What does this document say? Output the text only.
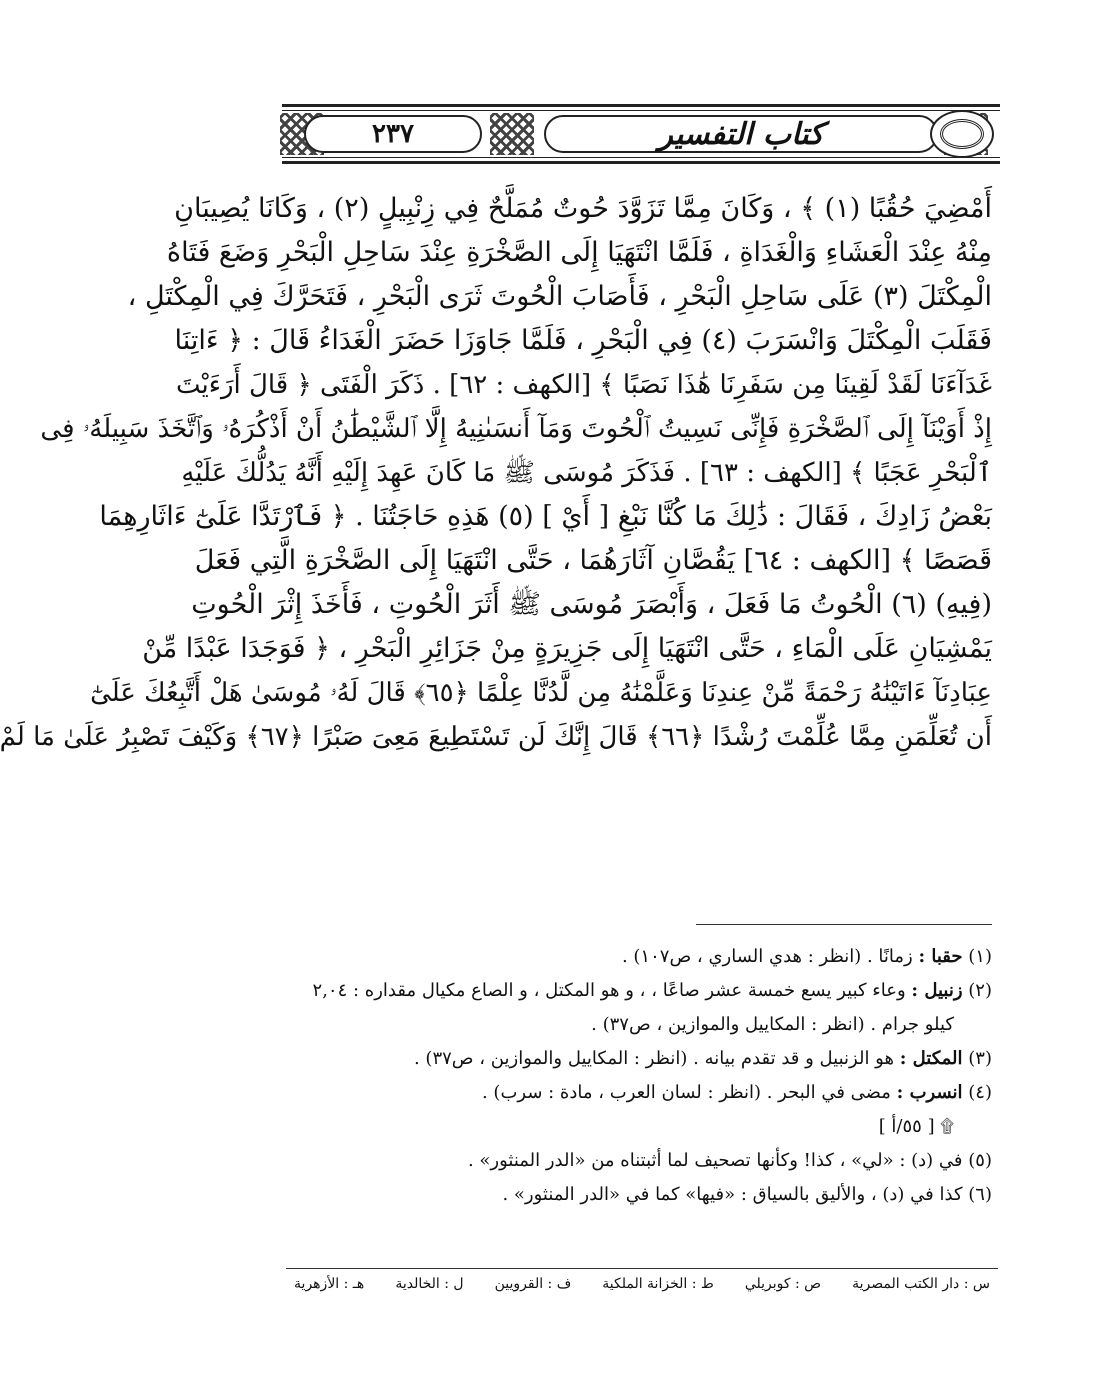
٢٣٧	كتاب التفسير
أَمْضِيَ حُقُبًا (١) ﴾ ، وَكَانَ مِمَّا تَزَوَّدَ حُوتٌ مُمَلَّحٌ فِي زِنْبِيلٍ (٢) ، وَكَانَا يُصِيبَانِ
مِنْهُ عِنْدَ الْعَشَاءِ وَالْغَدَاةِ ، فَلَمَّا انْتَهَيَا إِلَى الصَّخْرَةِ عِنْدَ سَاحِلِ الْبَحْرِ وَضَعَ فَتَاهُ
الْمِكْتَلَ (٣) عَلَى سَاحِلِ الْبَحْرِ ، فَأَصَابَ الْحُوتَ ثَرَى الْبَحْرِ ، فَتَحَرَّكَ فِي الْمِكْتَلِ ،
فَقَلَبَ الْمِكْتَلَ وَانْسَرَبَ (٤) فِي الْبَحْرِ ، فَلَمَّا جَاوَزَا حَضَرَ الْغَدَاءُ قَالَ : ﴿ ءَاتِنَا
غَدَآءَنَا لَقَدْ لَقِينَا مِن سَفَرِنَا هَٰذَا نَصَبًا ﴾ [الكهف : ٦٢] . ذَكَرَ الْفَتَى ﴿ قَالَ أَرَءَيْتَ
إِذْ أَوَيْنَآ إِلَى ٱلصَّخْرَةِ فَإِنِّى نَسِيتُ ٱلْحُوتَ وَمَآ أَنسَىٰنِيهُ إِلَّا ٱلشَّيْطَٰنُ أَنْ أَذْكُرَهُۥ وَٱتَّخَذَ سَبِيلَهُۥ فِى
ٱلْبَحْرِ عَجَبًا ﴾ [الكهف : ٦٣] . فَذَكَرَ مُوسَى ﷺ مَا كَانَ عَهِدَ إِلَيْهِ أَنَّهُ يَدُلُّكَ عَلَيْهِ
بَعْضُ زَادِكَ ، فَقَالَ : ذَٰلِكَ مَا كُنَّا نَبْغِ [ أَيْ ] (٥) هَذِهِ حَاجَتُنَا . ﴿ فَٱرْتَدَّا عَلَىٰٓ ءَاثَارِهِمَا
قَصَصًا ﴾ [الكهف : ٦٤] يَقُصَّانِ آثَارَهُمَا ، حَتَّى انْتَهَيَا إِلَى الصَّخْرَةِ الَّتِي فَعَلَ
(فِيهِ) (٦) الْحُوتُ مَا فَعَلَ ، وَأَبْصَرَ مُوسَى ﷺ أَثَرَ الْحُوتِ ، فَأَخَذَ إِثْرَ الْحُوتِ
يَمْشِيَانِ عَلَى الْمَاءِ ، حَتَّى انْتَهَيَا إِلَى جَزِيرَةٍ مِنْ جَزَائِرِ الْبَحْرِ ، ﴿ فَوَجَدَا عَبْدًا مِّنْ
عِبَادِنَآ ءَاتَيْنَٰهُ رَحْمَةً مِّنْ عِندِنَا وَعَلَّمْنَٰهُ مِن لَّدُنَّا عِلْمًا ﴿٦٥﴾ قَالَ لَهُۥ مُوسَىٰ هَلْ أَتَّبِعُكَ عَلَىٰٓ
أَن تُعَلِّمَنِ مِمَّا عُلِّمْتَ رُشْدًا ﴿٦٦﴾ قَالَ إِنَّكَ لَن تَسْتَطِيعَ مَعِىَ صَبْرًا ﴿٦٧﴾ وَكَيْفَ تَصْبِرُ عَلَىٰ مَا لَمْ
(١) حقبا : زمانًا . (انظر : هدي الساري ، ص١٠٧) .
(٢) زنبيل : وعاء كبير يسع خمسة عشر صاعًا ، ، و هو المكتل ، و الصاع مكيال مقداره : ٢,٠٤
كيلو جرام . (انظر : المكاييل والموازين ، ص٣٧) .
(٣) المكتل : هو الزنبيل و قد تقدم بيانه . (انظر : المكاييل والموازين ، ص٣٧) .
(٤) انسرب : مضى في البحر . (انظر : لسان العرب ، مادة : سرب) .
۩ [ ٥٥/أ ]
(٥) في (د) : «لي» ، كذا! وكأنها تصحيف لما أثبتناه من «الدر المنثور» .
(٦) كذا في (د) ، والأليق بالسياق : «فيها» كما في «الدر المنثور» .
س : دار الكتب المصرية
ص : كوبريلي
ط : الخزانة الملكية
ف : القرويين
ل : الخالدية
هـ : الأزهرية
